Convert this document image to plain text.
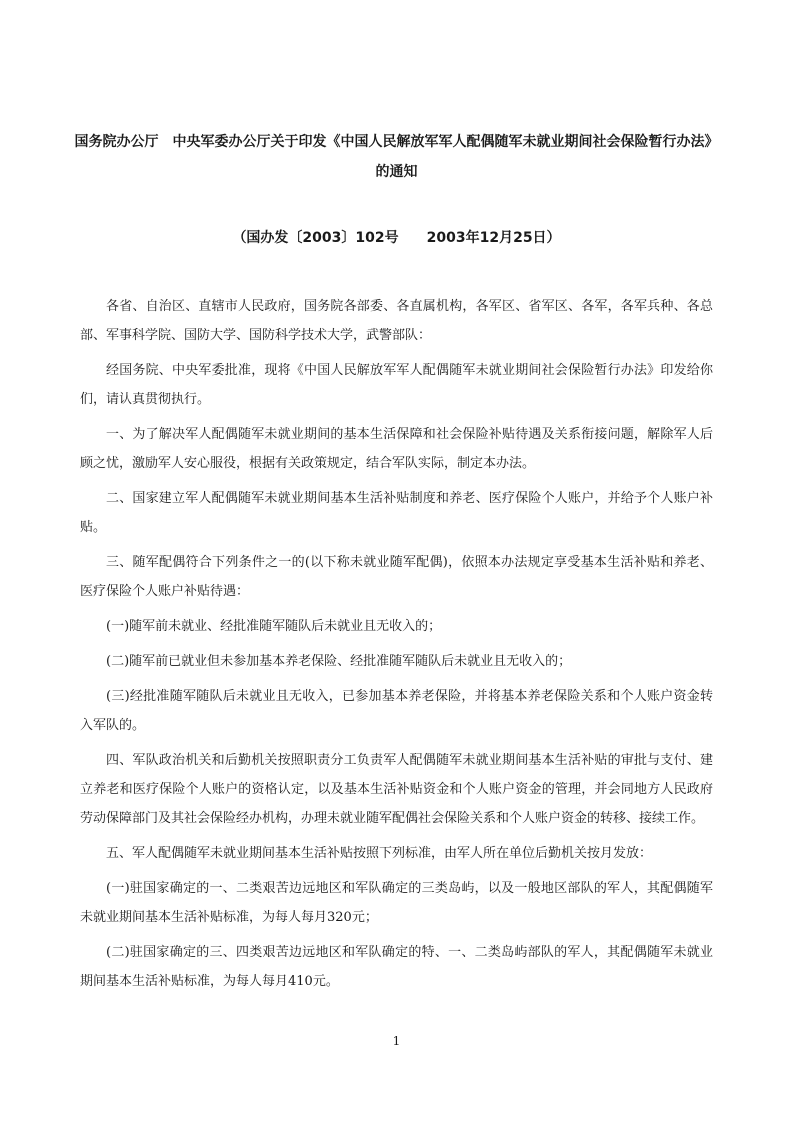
国务院办公厅　中央军委办公厅关于印发《中国人民解放军军人配偶随军未就业期间社会保险暂行办法》
的通知
（国办发〔2003〕102号　　2003年12月25日）

各省、自治区、直辖市人民政府，国务院各部委、各直属机构，各军区、省军区、各军，各军兵种、各总部、军事科学院、国防大学、国防科学技术大学，武警部队：

经国务院、中央军委批准，现将《中国人民解放军军人配偶随军未就业期间社会保险暂行办法》印发给你们，请认真贯彻执行。

一、为了解决军人配偶随军未就业期间的基本生活保障和社会保险补贴待遇及关系衔接问题，解除军人后顾之忧，激励军人安心服役，根据有关政策规定，结合军队实际，制定本办法。

二、国家建立军人配偶随军未就业期间基本生活补贴制度和养老、医疗保险个人账户，并给予个人账户补贴。

三、随军配偶符合下列条件之一的(以下称未就业随军配偶)，依照本办法规定享受基本生活补贴和养老、医疗保险个人账户补贴待遇：

(一)随军前未就业、经批准随军随队后未就业且无收入的；

(二)随军前已就业但未参加基本养老保险、经批准随军随队后未就业且无收入的；

(三)经批准随军随队后未就业且无收入，已参加基本养老保险，并将基本养老保险关系和个人账户资金转入军队的。

四、军队政治机关和后勤机关按照职责分工负责军人配偶随军未就业期间基本生活补贴的审批与支付、建立养老和医疗保险个人账户的资格认定，以及基本生活补贴资金和个人账户资金的管理，并会同地方人民政府劳动保障部门及其社会保险经办机构，办理未就业随军配偶社会保险关系和个人账户资金的转移、接续工作。

五、军人配偶随军未就业期间基本生活补贴按照下列标准，由军人所在单位后勤机关按月发放：

(一)驻国家确定的一、二类艰苦边远地区和军队确定的三类岛屿，以及一般地区部队的军人，其配偶随军未就业期间基本生活补贴标准，为每人每月320元；

(二)驻国家确定的三、四类艰苦边远地区和军队确定的特、一、二类岛屿部队的军人，其配偶随军未就业期间基本生活补贴标准，为每人每月410元。

1
